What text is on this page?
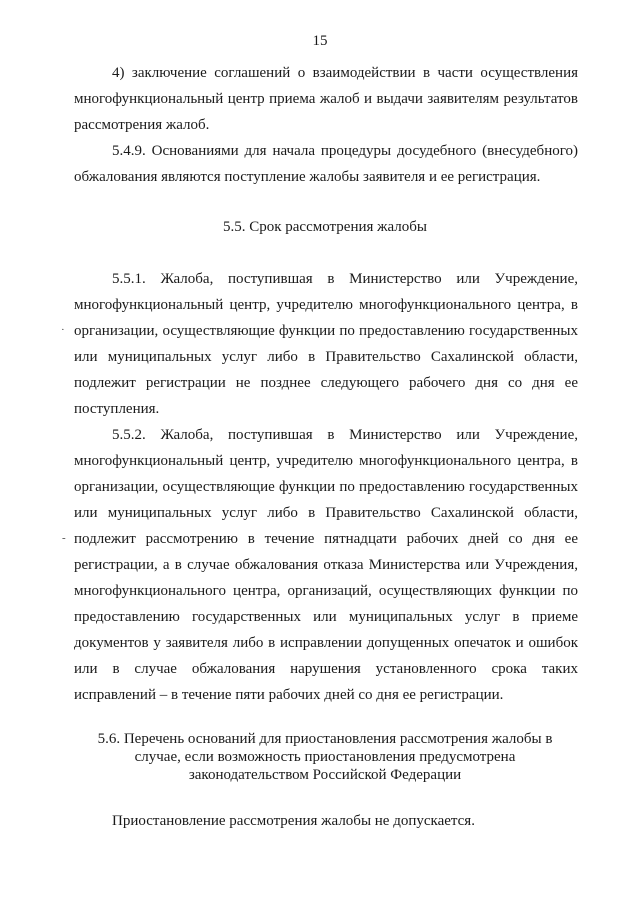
15
4) заключение соглашений о взаимодействии в части осуществления многофункциональный центр приема жалоб и выдачи заявителям результатов рассмотрения жалоб.
5.4.9. Основаниями для начала процедуры досудебного (внесудебного) обжалования являются поступление жалобы заявителя и ее регистрация.
5.5. Срок рассмотрения жалобы
5.5.1. Жалоба, поступившая в Министерство или Учреждение, многофункциональный центр, учредителю многофункционального центра, в организации, осуществляющие функции по предоставлению государственных или муниципальных услуг либо в Правительство Сахалинской области, подлежит регистрации не позднее следующего рабочего дня со дня ее поступления.
5.5.2. Жалоба, поступившая в Министерство или Учреждение, многофункциональный центр, учредителю многофункционального центра, в организации, осуществляющие функции по предоставлению государственных или муниципальных услуг либо в Правительство Сахалинской области, подлежит рассмотрению в течение пятнадцати рабочих дней со дня ее регистрации, а в случае обжалования отказа Министерства или Учреждения, многофункционального центра, организаций, осуществляющих функции по предоставлению государственных или муниципальных услуг в приеме документов у заявителя либо в исправлении допущенных опечаток и ошибок или в случае обжалования нарушения установленного срока таких исправлений – в течение пяти рабочих дней со дня ее регистрации.
5.6. Перечень оснований для приостановления рассмотрения жалобы в
случае, если возможность приостановления предусмотрена
законодательством Российской Федерации
Приостановление рассмотрения жалобы не допускается.
·
-
